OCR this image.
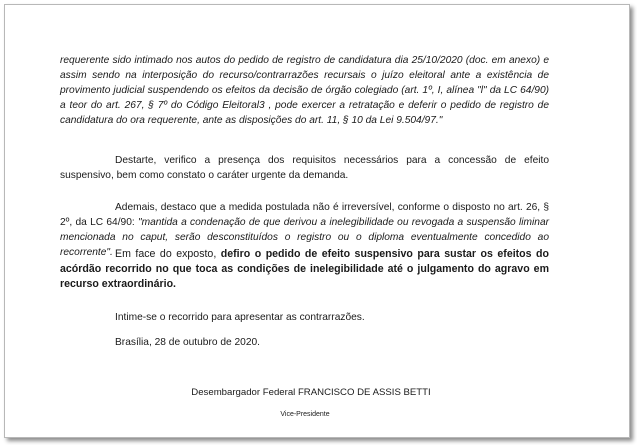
requerente sido intimado nos autos do pedido de registro de candidatura dia 25/10/2020 (doc. em anexo) e assim sendo na interposição do recurso/contrarrazões recursais o juízo eleitoral ante a existência de provimento judicial suspendendo os efeitos da decisão de órgão colegiado (art. 1º, I, alínea "l" da LC 64/90) a teor do art. 267, § 7º do Código Eleitoral3 , pode exercer a retratação e deferir o pedido de registro de candidatura do ora requerente, ante as disposições do art. 11, § 10 da Lei 9.504/97."

Destarte, verifico a presença dos requisitos necessários para a concessão de efeito suspensivo, bem como constato o caráter urgente da demanda.

Ademais, destaco que a medida postulada não é irreversível, conforme o disposto no art. 26, § 2º, da LC 64/90: "mantida a condenação de que derivou a inelegibilidade ou revogada a suspensão liminar mencionada no caput, serão desconstituídos o registro ou o diploma eventualmente concedido ao recorrente". Em face do exposto, defiro o pedido de efeito suspensivo para sustar os efeitos do acórdão recorrido no que toca as condições de inelegibilidade até o julgamento do agravo em recurso extraordinário.

Intime-se o recorrido para apresentar as contrarrazões.

Brasília, 28 de outubro de 2020.

Desembargador Federal FRANCISCO DE ASSIS BETTI

Vice-Presidente
